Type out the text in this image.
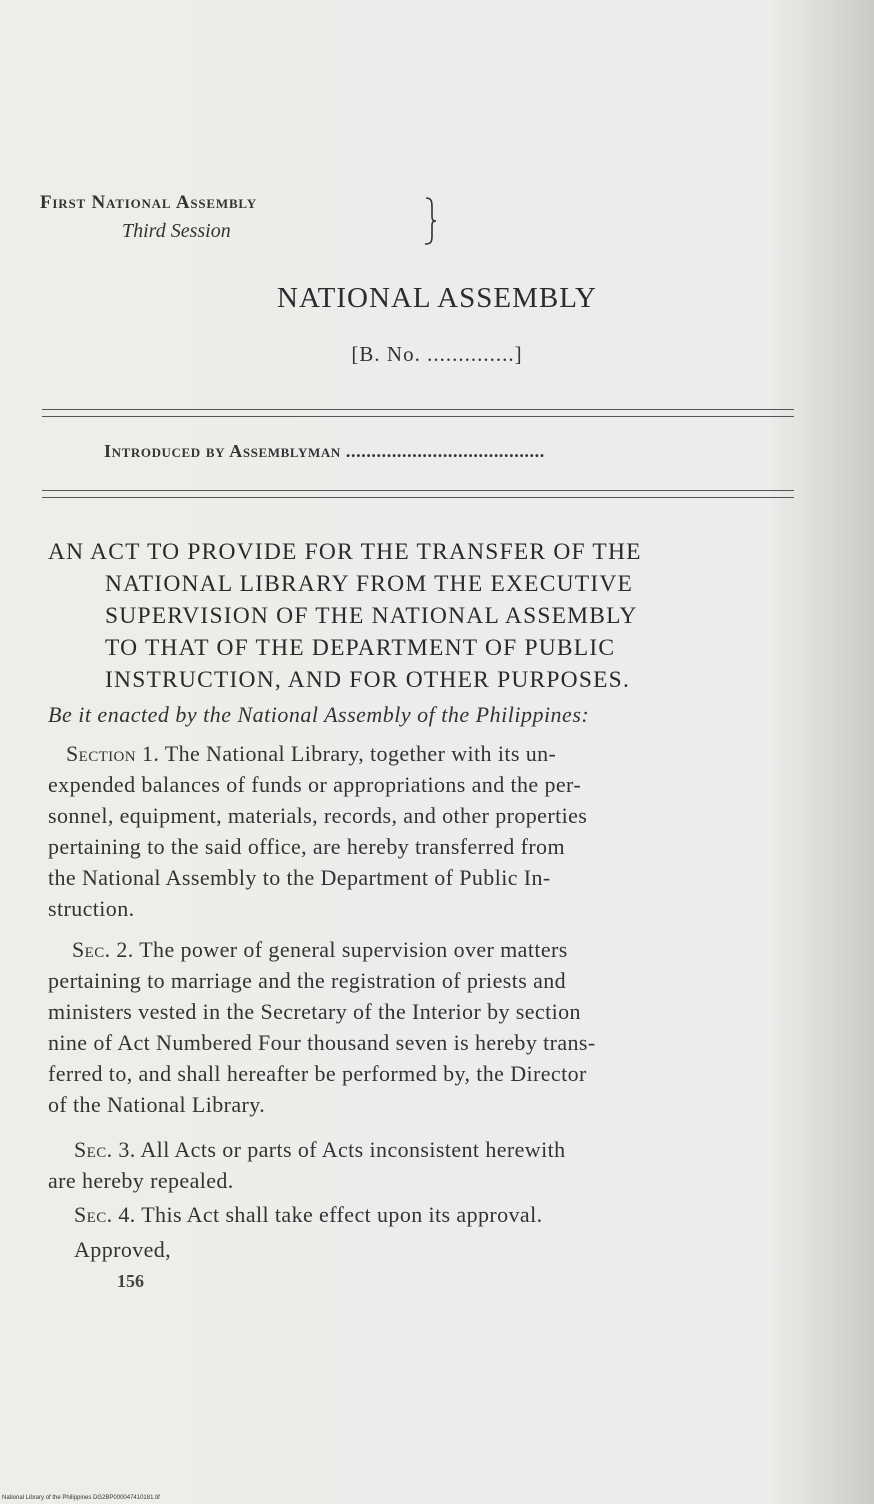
First National Assembly
Third Session
NATIONAL ASSEMBLY
[B. No. ..............]
Introduced by Assemblyman .......................................
AN ACT TO PROVIDE FOR THE TRANSFER OF THE
NATIONAL LIBRARY FROM THE EXECUTIVE
SUPERVISION OF THE NATIONAL ASSEMBLY
TO THAT OF THE DEPARTMENT OF PUBLIC
INSTRUCTION, AND FOR OTHER PURPOSES.
Be it enacted by the National Assembly of the Philippines:
Section 1. The National Library, together with its un-
expended balances of funds or appropriations and the per-
sonnel, equipment, materials, records, and other properties
pertaining to the said office, are hereby transferred from
the National Assembly to the Department of Public In-
struction.
Sec. 2. The power of general supervision over matters
pertaining to marriage and the registration of priests and
ministers vested in the Secretary of the Interior by section
nine of Act Numbered Four thousand seven is hereby trans-
ferred to, and shall hereafter be performed by, the Director
of the National Library.
Sec. 3. All Acts or parts of Acts inconsistent herewith
are hereby repealed.
Sec. 4. This Act shall take effect upon its approval.
Approved,
156
National Library of the Philippines DG2BP000047410181.tif
